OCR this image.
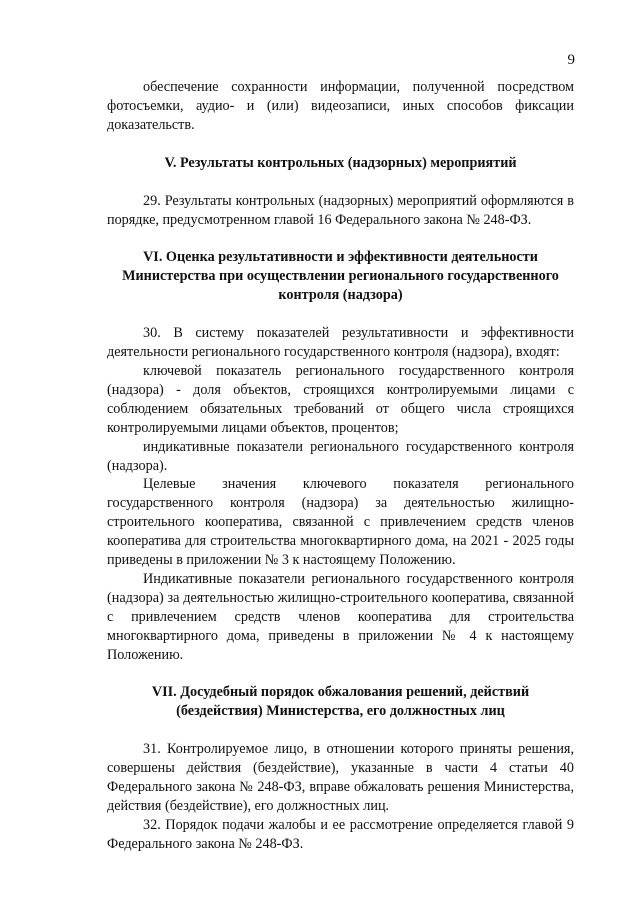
9

обеспечение сохранности информации, полученной посредством фотосъемки, аудио- и (или) видеозаписи, иных способов фиксации доказательств.

V. Результаты контрольных (надзорных) мероприятий

29. Результаты контрольных (надзорных) мероприятий оформляются в порядке, предусмотренном главой 16 Федерального закона № 248-ФЗ.

VI. Оценка результативности и эффективности деятельности Министерства при осуществлении регионального государственного контроля (надзора)

30. В систему показателей результативности и эффективности деятельности регионального государственного контроля (надзора), входят:

ключевой показатель регионального государственного контроля (надзора) - доля объектов, строящихся контролируемыми лицами с соблюдением обязательных требований от общего числа строящихся контролируемыми лицами объектов, процентов;

индикативные показатели регионального государственного контроля (надзора).

Целевые значения ключевого показателя регионального государственного контроля (надзора) за деятельностью жилищно-строительного кооператива, связанной с привлечением средств членов кооператива для строительства многоквартирного дома, на 2021 - 2025 годы приведены в приложении № 3 к настоящему Положению.

Индикативные показатели регионального государственного контроля (надзора) за деятельностью жилищно-строительного кооператива, связанной с привлечением средств членов кооператива для строительства многоквартирного дома, приведены в приложении № 4 к настоящему Положению.

VII. Досудебный порядок обжалования решений, действий (бездействия) Министерства, его должностных лиц

31. Контролируемое лицо, в отношении которого приняты решения, совершены действия (бездействие), указанные в части 4 статьи 40 Федерального закона № 248-ФЗ, вправе обжаловать решения Министерства, действия (бездействие), его должностных лиц.

32. Порядок подачи жалобы и ее рассмотрение определяется главой 9 Федерального закона № 248-ФЗ.
